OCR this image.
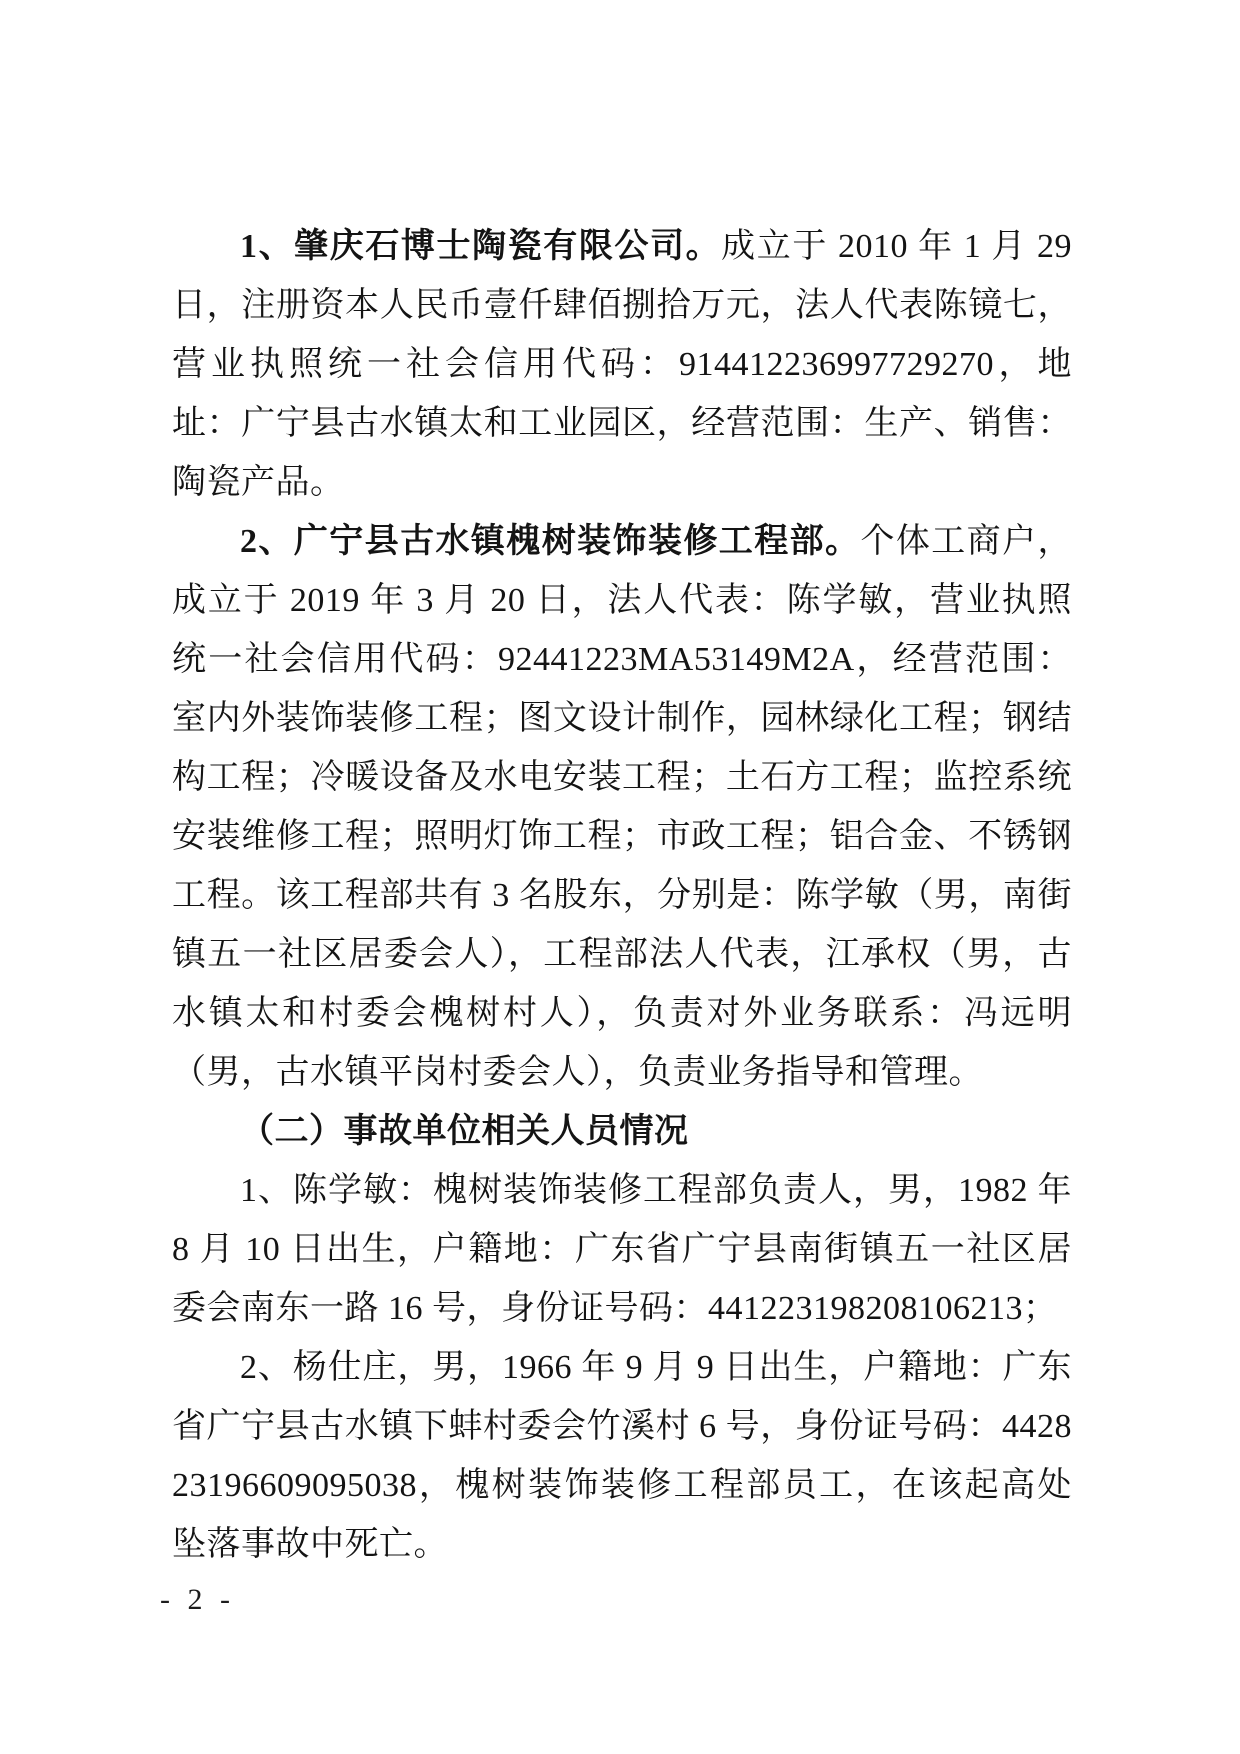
1、肇庆石博士陶瓷有限公司。成立于 2010 年 1 月 29 日，注册资本人民币壹仟肆佰捌拾万元，法人代表陈镜七，营业执照统一社会信用代码：914412236997729270，地址：广宁县古水镇太和工业园区，经营范围：生产、销售：陶瓷产品。

2、广宁县古水镇槐树装饰装修工程部。个体工商户，成立于 2019 年 3 月 20 日，法人代表：陈学敏，营业执照统一社会信用代码：92441223MA53149M2A，经营范围：室内外装饰装修工程；图文设计制作，园林绿化工程；钢结构工程；冷暖设备及水电安装工程；土石方工程；监控系统安装维修工程；照明灯饰工程；市政工程；铝合金、不锈钢工程。该工程部共有 3 名股东，分别是：陈学敏（男，南街镇五一社区居委会人），工程部法人代表，江承权（男，古水镇太和村委会槐树村人），负责对外业务联系：冯远明（男，古水镇平岗村委会人），负责业务指导和管理。

（二）事故单位相关人员情况

1、陈学敏：槐树装饰装修工程部负责人，男，1982 年 8 月 10 日出生，户籍地：广东省广宁县南街镇五一社区居委会南东一路 16 号，身份证号码：441223198208106213；

2、杨仕庄，男，1966 年 9 月 9 日出生，户籍地：广东省广宁县古水镇下蚌村委会竹溪村 6 号，身份证号码：442823196609095038，槐树装饰装修工程部员工，在该起高处坠落事故中死亡。

- 2 -
